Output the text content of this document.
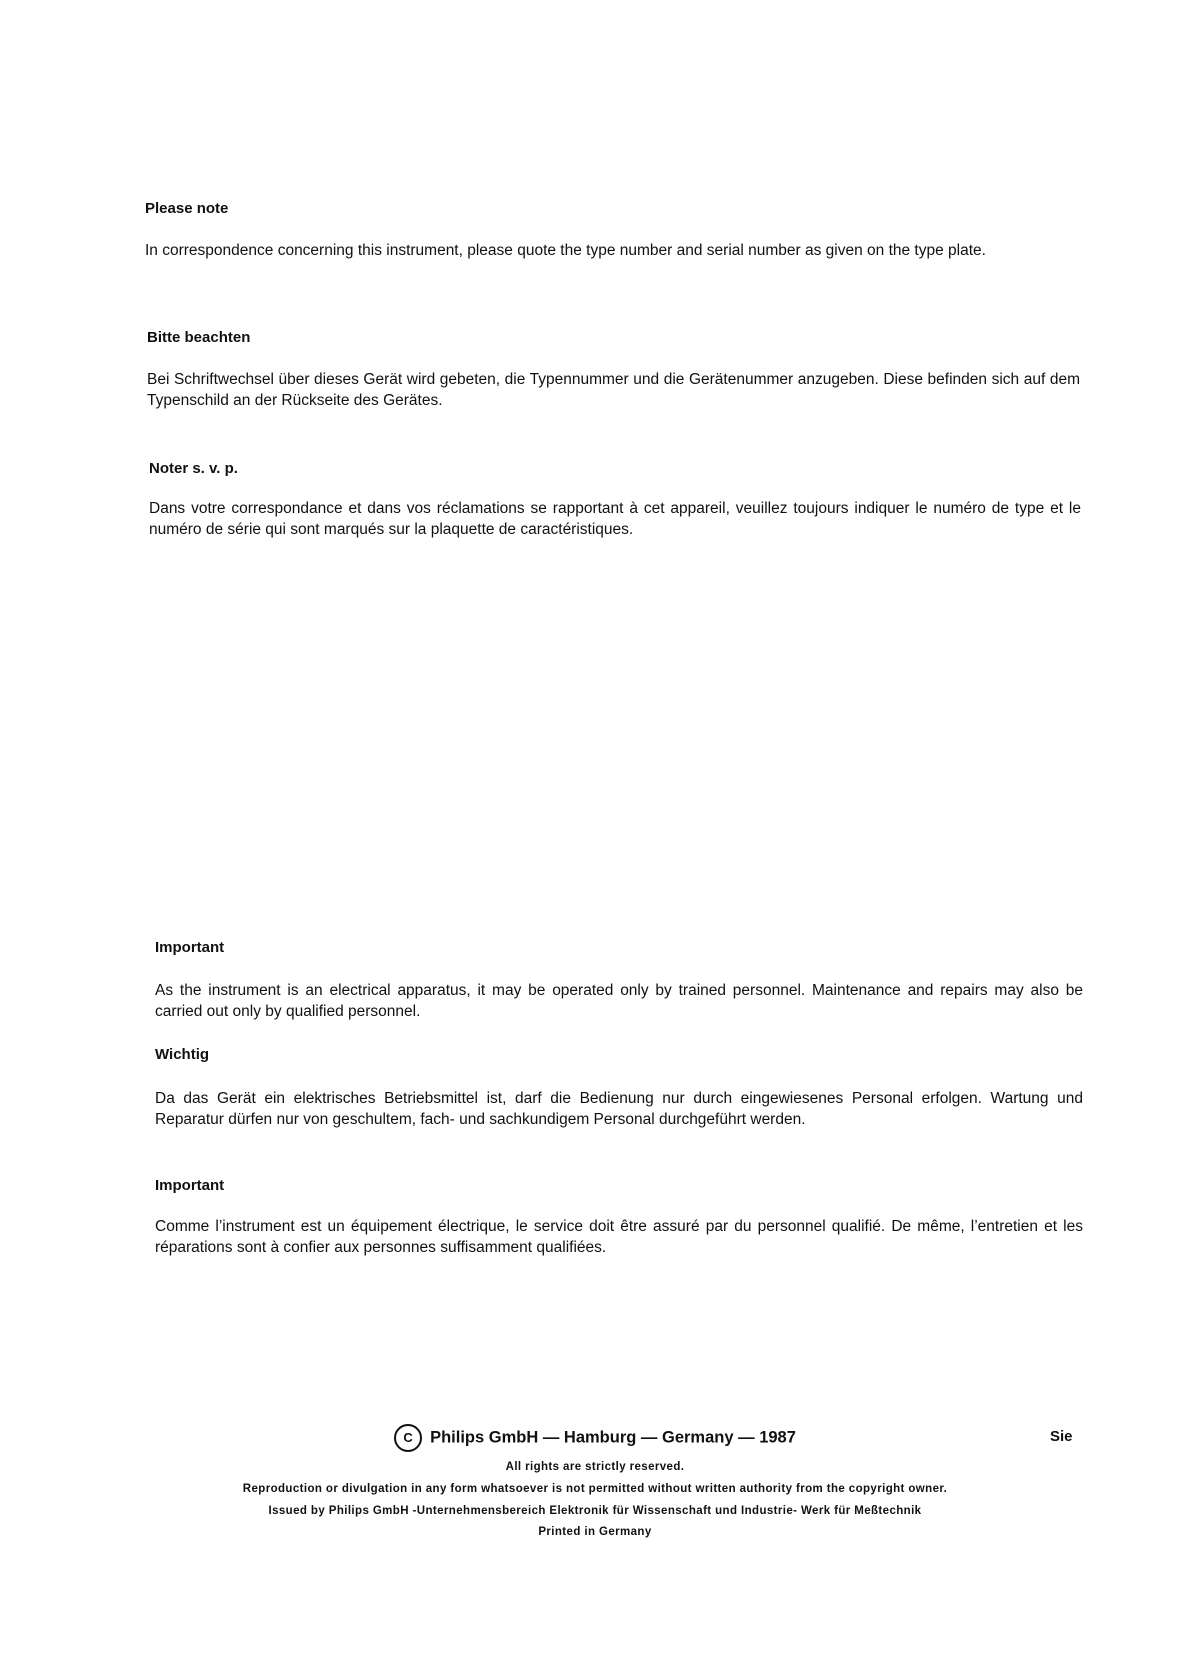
Please note
In correspondence concerning this instrument, please quote the type number and serial number as given on the type plate.
Bitte beachten
Bei Schriftwechsel über dieses Gerät wird gebeten, die Typennummer und die Gerätenummer anzugeben. Diese befinden sich auf dem Typenschild an der Rückseite des Gerätes.
Noter s. v. p.
Dans votre correspondance et dans vos réclamations se rapportant à cet appareil, veuillez toujours indiquer le numéro de type et le numéro de série qui sont marqués sur la plaquette de caractéristiques.
Important
As the instrument is an electrical apparatus, it may be operated only by trained personnel. Maintenance and repairs may also be carried out only by qualified personnel.
Wichtig
Da das Gerät ein elektrisches Betriebsmittel ist, darf die Bedienung nur durch eingewiesenes Personal erfolgen. Wartung und Reparatur dürfen nur von geschultem, fach- und sachkundigem Personal durchgeführt werden.
Important
Comme l’instrument est un équipement électrique, le service doit être assuré par du personnel qualifié. De même, l’entretien et les réparations sont à confier aux personnes suffisamment qualifiées.
C Philips GmbH — Hamburg — Germany — 1987	Sie
All rights are strictly reserved.
Reproduction or divulgation in any form whatsoever is not permitted without written authority from the copyright owner.
Issued by Philips GmbH -Unternehmensbereich Elektronik für Wissenschaft und Industrie- Werk für Meßtechnik
Printed in Germany
